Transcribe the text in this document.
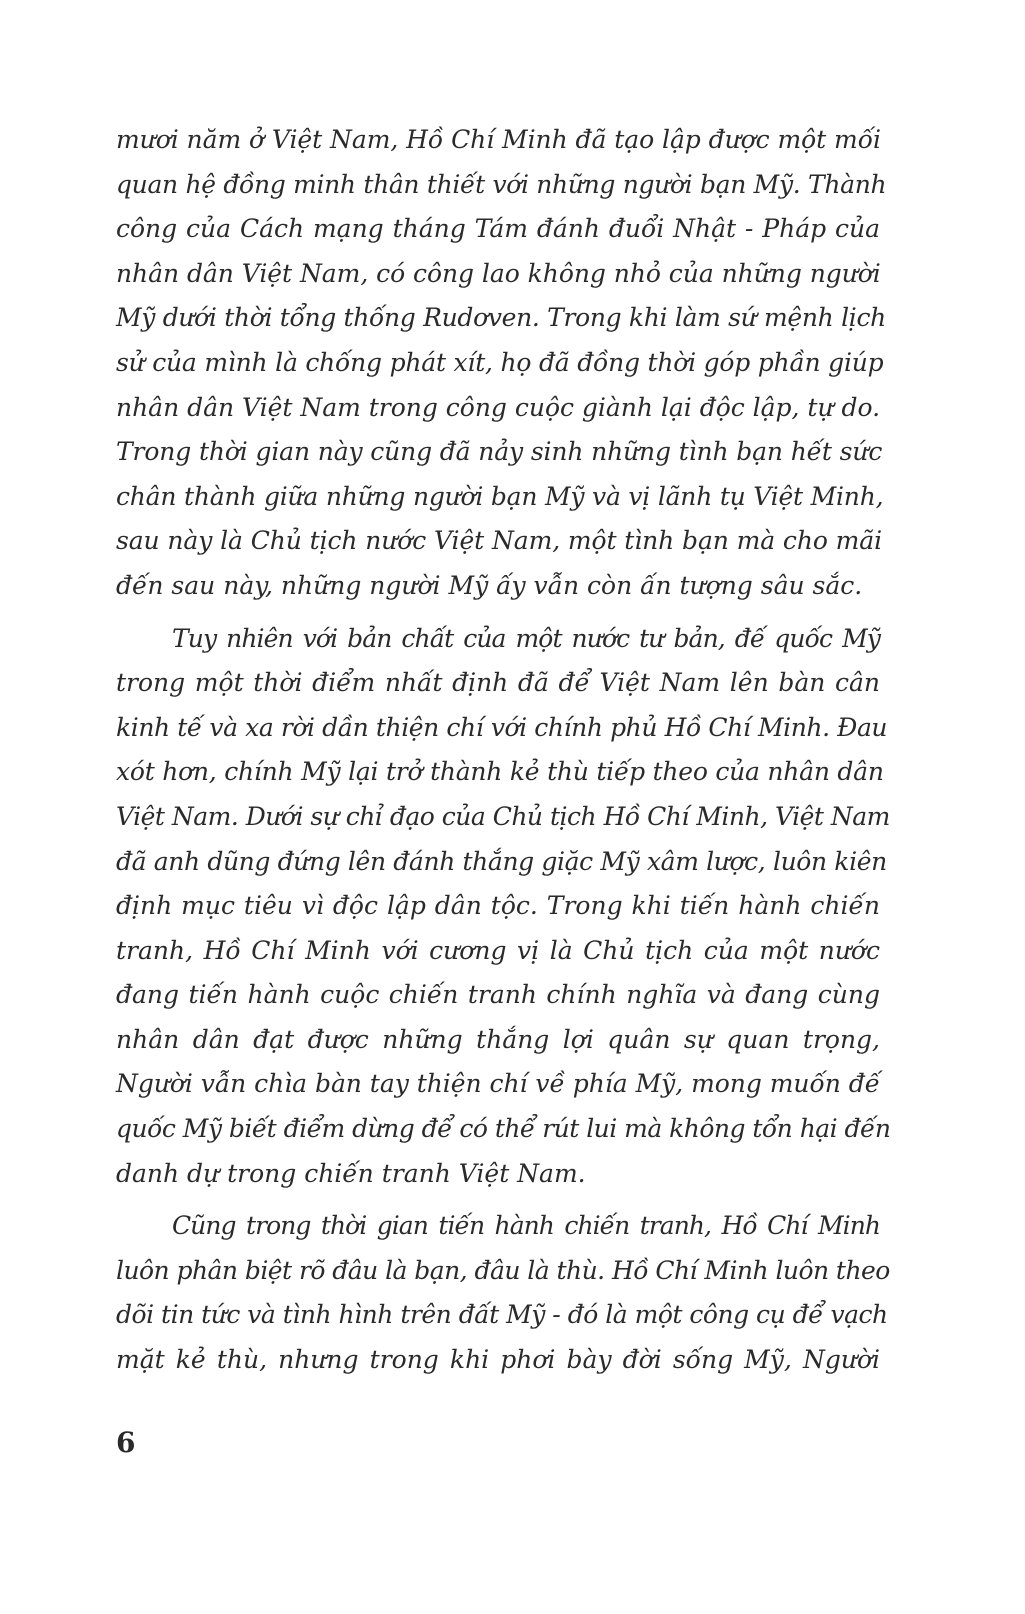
mươi năm ở Việt Nam, Hồ Chí Minh đã tạo lập được một mối
quan hệ đồng minh thân thiết với những người bạn Mỹ. Thành
công của Cách mạng tháng Tám đánh đuổi Nhật - Pháp của
nhân dân Việt Nam, có công lao không nhỏ của những người
Mỹ dưới thời tổng thống Rudơven. Trong khi làm sứ mệnh lịch
sử của mình là chống phát xít, họ đã đồng thời góp phần giúp
nhân dân Việt Nam trong công cuộc giành lại độc lập, tự do.
Trong thời gian này cũng đã nảy sinh những tình bạn hết sức
chân thành giữa những người bạn Mỹ và vị lãnh tụ Việt Minh,
sau này là Chủ tịch nước Việt Nam, một tình bạn mà cho mãi
đến sau này, những người Mỹ ấy vẫn còn ấn tượng sâu sắc.
Tuy nhiên với bản chất của một nước tư bản, đế quốc Mỹ
trong một thời điểm nhất định đã để Việt Nam lên bàn cân
kinh tế và xa rời dần thiện chí với chính phủ Hồ Chí Minh. Đau
xót hơn, chính Mỹ lại trở thành kẻ thù tiếp theo của nhân dân
Việt Nam. Dưới sự chỉ đạo của Chủ tịch Hồ Chí Minh, Việt Nam
đã anh dũng đứng lên đánh thắng giặc Mỹ xâm lược, luôn kiên
định mục tiêu vì độc lập dân tộc. Trong khi tiến hành chiến
tranh, Hồ Chí Minh với cương vị là Chủ tịch của một nước
đang tiến hành cuộc chiến tranh chính nghĩa và đang cùng
nhân dân đạt được những thắng lợi quân sự quan trọng,
Người vẫn chìa bàn tay thiện chí về phía Mỹ, mong muốn đế
quốc Mỹ biết điểm dừng để có thể rút lui mà không tổn hại đến
danh dự trong chiến tranh Việt Nam.
Cũng trong thời gian tiến hành chiến tranh, Hồ Chí Minh
luôn phân biệt rõ đâu là bạn, đâu là thù. Hồ Chí Minh luôn theo
dõi tin tức và tình hình trên đất Mỹ - đó là một công cụ để vạch
mặt kẻ thù, nhưng trong khi phơi bày đời sống Mỹ, Người
6
